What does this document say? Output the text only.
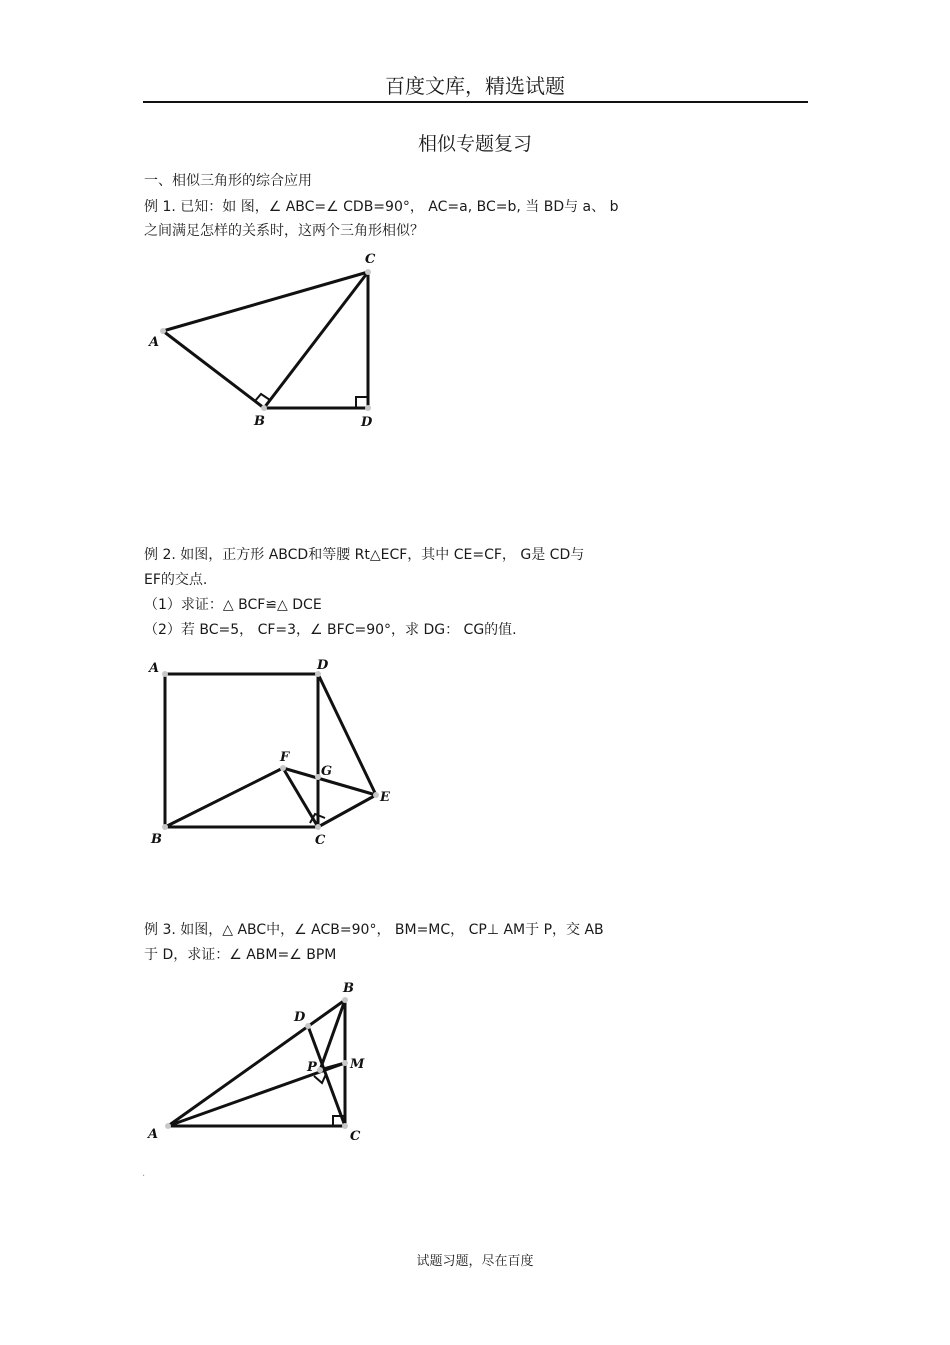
百度文库，精选试题
相似专题复习
一、相似三角形的综合应用
例 1. 已知：如 图，∠ ABC=∠ CDB=90°， AC=a, BC=b, 当 BD与 a、 b
之间满足怎样的关系时，这两个三角形相似？
A
B
C
D
例 2. 如图，正方形 ABCD和等腰 Rt△ECF，其中 CE=CF， G是 CD与
EF的交点.
（1）求证：△ BCF≌△ DCE
（2）若 BC=5， CF=3，∠ BFC=90°，求 DG： CG的值.
A	D
F
G
E
B	C
例 3. 如图，△ ABC中，∠ ACB=90°， BM=MC， CP⊥ AM于 P，交 AB
于 D，求证：∠ ABM=∠ BPM
B
D
P	M
A	C
.
试题习题，尽在百度
